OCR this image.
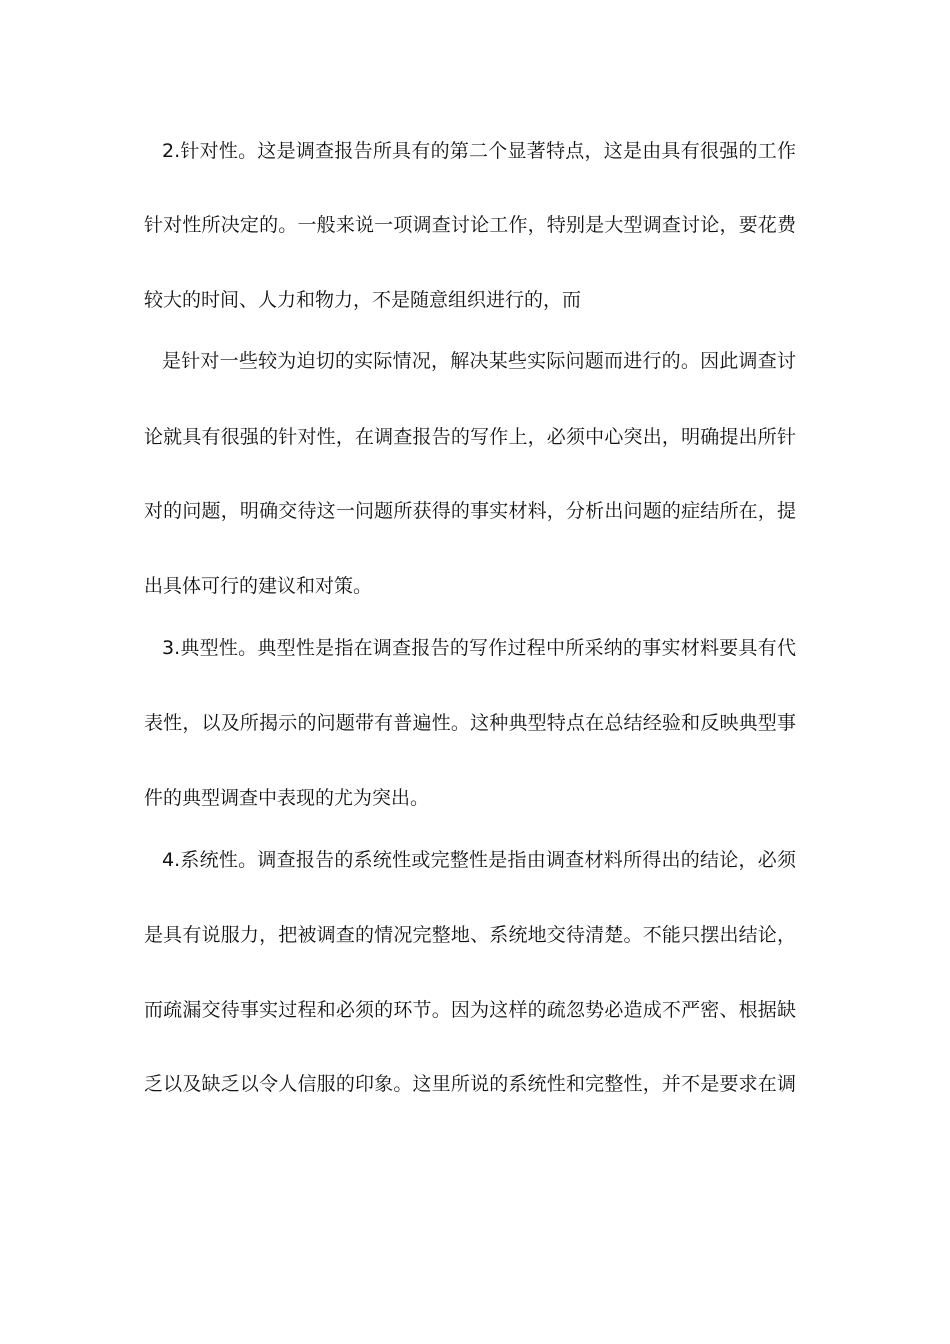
2.针对性。这是调查报告所具有的第二个显著特点，这是由具有很强的工作
针对性所决定的。一般来说一项调查讨论工作，特别是大型调查讨论，要花费
较大的时间、人力和物力，不是随意组织进行的，而
是针对一些较为迫切的实际情况，解决某些实际问题而进行的。因此调查讨
论就具有很强的针对性，在调查报告的写作上，必须中心突出，明确提出所针
对的问题，明确交待这一问题所获得的事实材料，分析出问题的症结所在，提
出具体可行的建议和对策。
3.典型性。典型性是指在调查报告的写作过程中所采纳的事实材料要具有代
表性，以及所揭示的问题带有普遍性。这种典型特点在总结经验和反映典型事
件的典型调查中表现的尤为突出。
4.系统性。调查报告的系统性或完整性是指由调查材料所得出的结论，必须
是具有说服力，把被调查的情况完整地、系统地交待清楚。不能只摆出结论，
而疏漏交待事实过程和必须的环节。因为这样的疏忽势必造成不严密、根据缺
乏以及缺乏以令人信服的印象。这里所说的系统性和完整性，并不是要求在调
